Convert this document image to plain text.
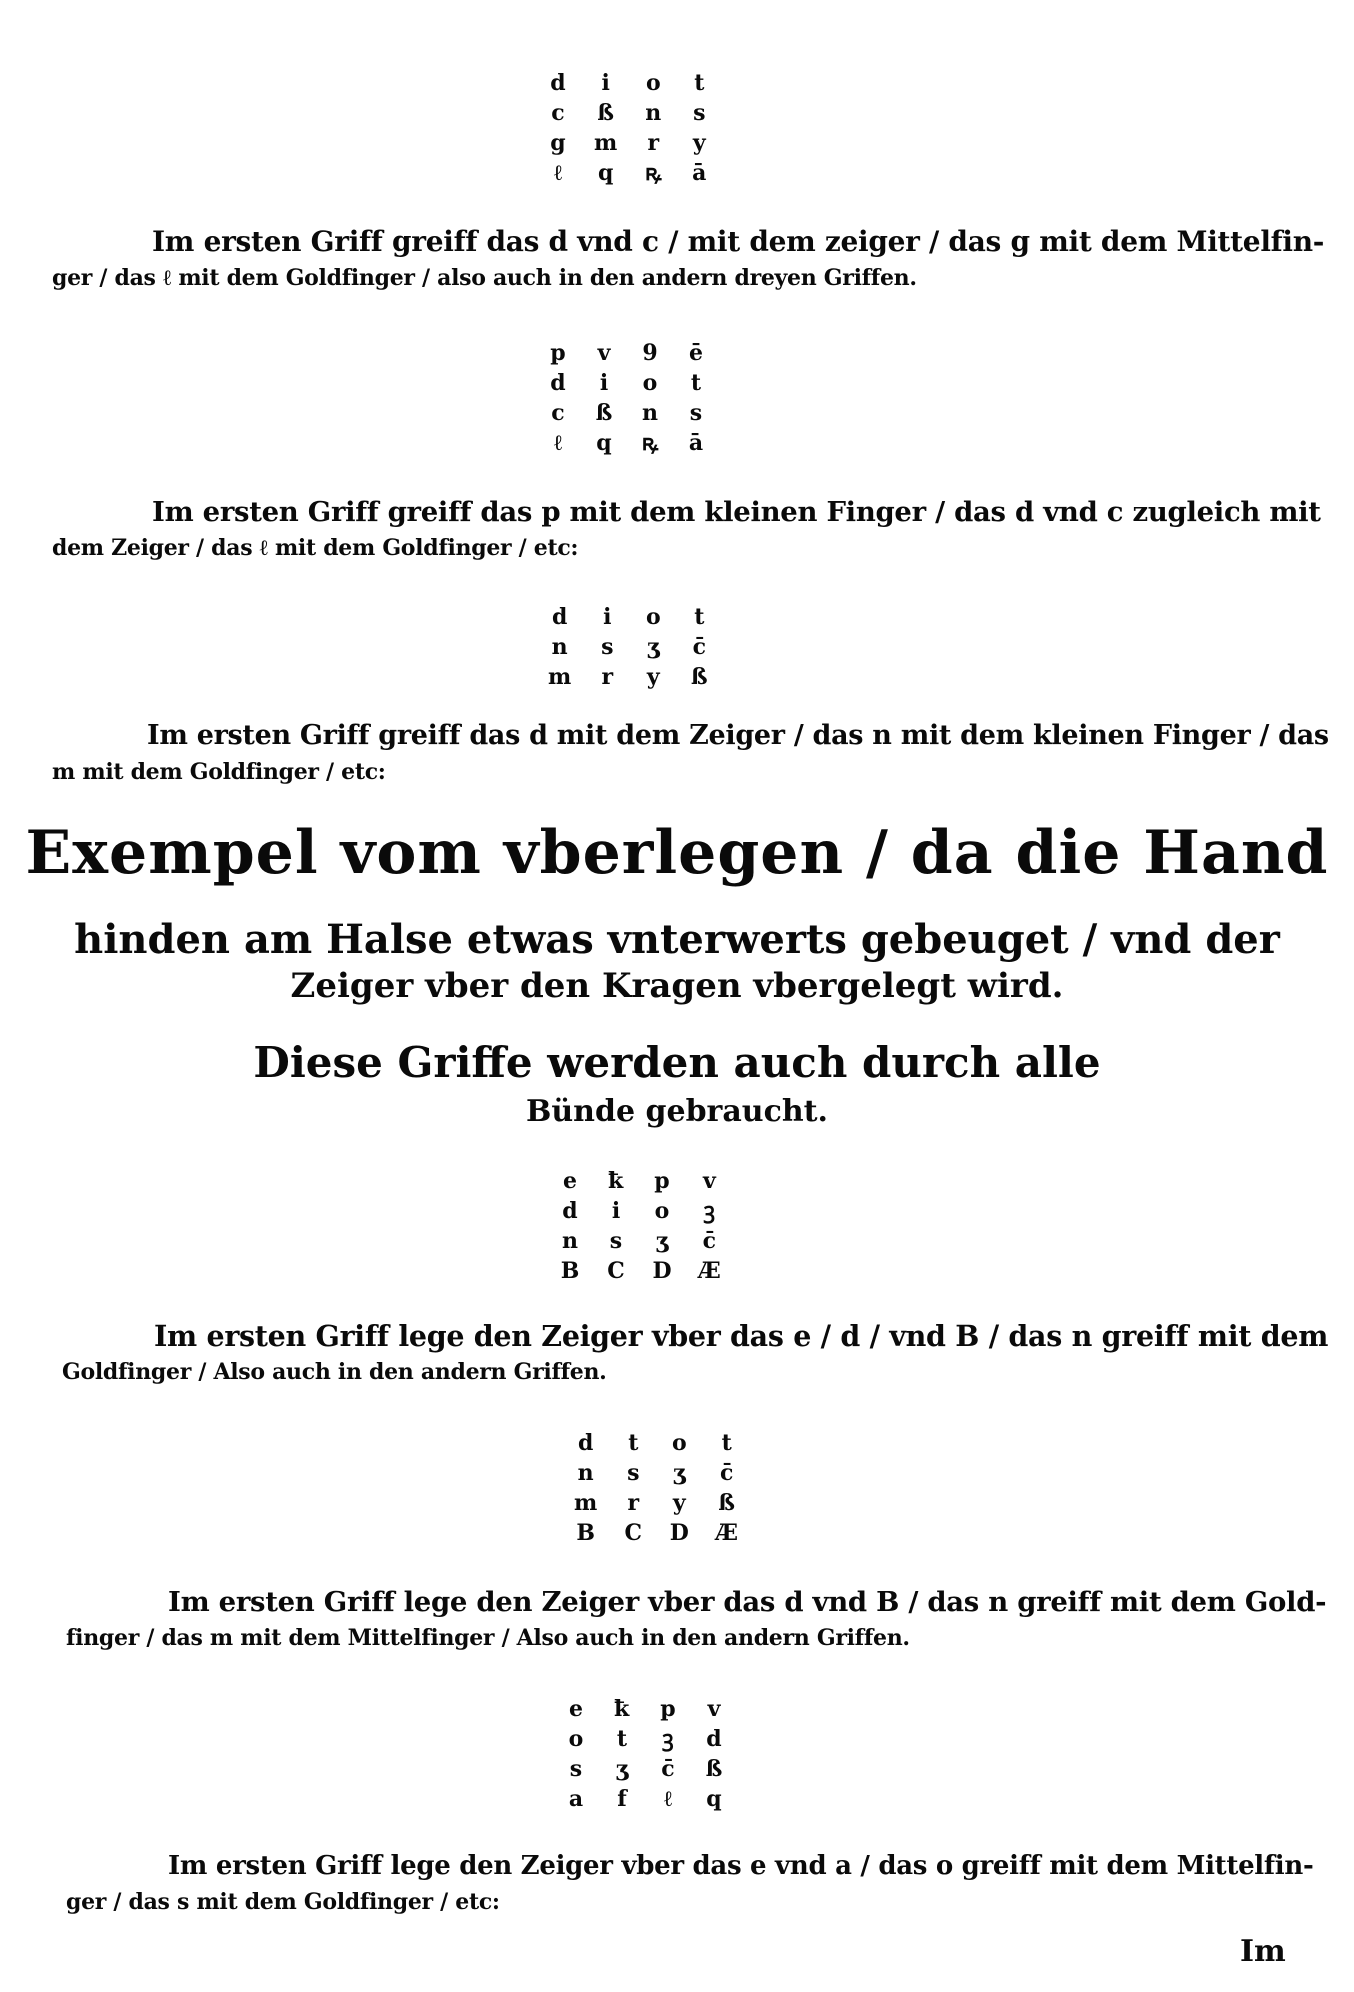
d	i	o t
c ß n s
g m r y
ℓ q ꝶ ā
Im ersten Griff greiff das d vnd c / mit dem zeiger / das g mit dem Mittelfin-
ger / das ℓ mit dem Goldfinger / also auch in den andern dreyen Griffen.
p v 9 ē
d i o t
c ß n s
ℓ q ꝶ ā
Im ersten Griff greiff das p mit dem kleinen Finger / das d vnd c zugleich mit
dem Zeiger / das ℓ mit dem Goldfinger / etc:
d i o t
n s ʒ c̄
m r y ß
Im ersten Griff greiff das d mit dem Zeiger / das n mit dem kleinen Finger / das
m mit dem Goldfinger / etc:
Exempel vom vberlegen / da die Hand
hinden am Halse etwas vnterwerts gebeuget / vnd der
Zeiger vber den Kragen vbergelegt wird.
Diese Griffe werden auch durch alle
Bünde gebraucht.
e ꝁ p v
d i o ꝫ
n s ʒ c̄
B C D Æ
Im ersten Griff lege den Zeiger vber das e / d / vnd B / das n greiff mit dem
Goldfinger / Also auch in den andern Griffen.
d t o t
n s ʒ c̄
m r y ß
B C D Æ
Im ersten Griff lege den Zeiger vber das d vnd B / das n greiff mit dem Gold-
finger / das m mit dem Mittelfinger / Also auch in den andern Griffen.
e ꝁ p v
o t ꝫ d
s ʒ c̄ ß
a f ℓ q
Im ersten Griff lege den Zeiger vber das e vnd a / das o greiff mit dem Mittelfin-
ger / das s mit dem Goldfinger / etc:
Im
